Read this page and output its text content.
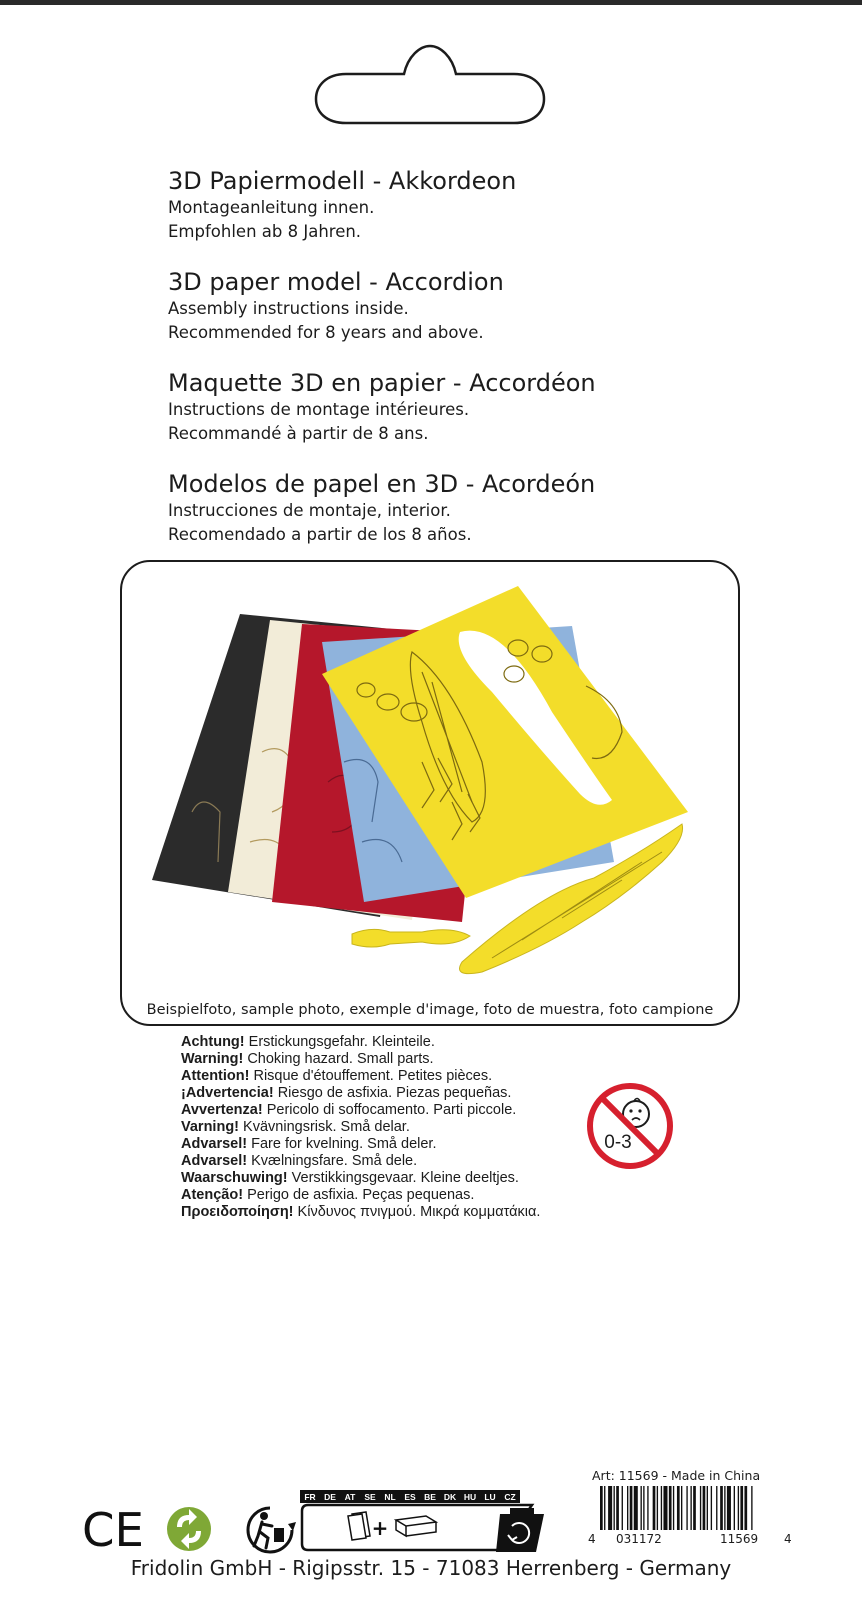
3D Papiermodell - Akkordeon
Montageanleitung innen.
Empfohlen ab 8 Jahren.
3D paper model - Accordion
Assembly instructions inside.
Recommended for 8 years and above.
Maquette 3D en papier - Accordéon
Instructions de montage intérieures.
Recommandé à partir de 8 ans.
Modelos de papel en 3D - Acordeón
Instrucciones de montaje, interior.
Recomendado a partir de los 8 años.
Beispielfoto, sample photo, exemple d'image, foto de muestra, foto campione
Achtung! Erstickungsgefahr. Kleinteile.
Warning! Choking hazard. Small parts.
Attention! Risque d'étouffement. Petites pièces.
¡Advertencia! Riesgo de asfixia. Piezas pequeñas.
Avvertenza! Pericolo di soffocamento. Parti piccole.
Varning! Kvävningsrisk. Små delar.
Advarsel! Fare for kvelning. Små deler.
Advarsel! Kvælningsfare. Små dele.
Waarschuwing! Verstikkingsgevaar. Kleine deeltjes.
Atenção! Perigo de asfixia. Peças pequenas.
Προειδοποίηση! Κίνδυνος πνιγμού. Μικρά κομματάκια.
0-3
Art: 11569 - Made in China
4 031172	11569 4
CE
FR DE AT SE NL ES BE DK HU LU CZ
+
Fridolin GmbH - Rigipsstr. 15 - 71083 Herrenberg - Germany
